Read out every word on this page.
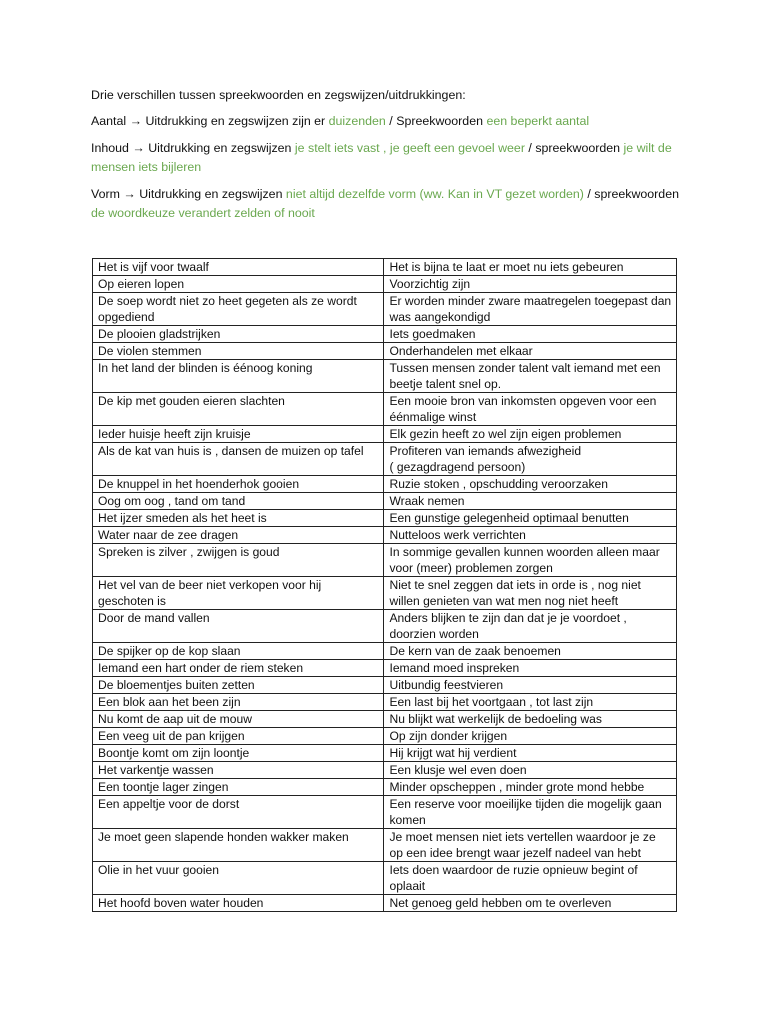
Drie verschillen tussen spreekwoorden en zegswijzen/uitdrukkingen:

Aantal → Uitdrukking en zegswijzen zijn er duizenden / Spreekwoorden een beperkt aantal

Inhoud → Uitdrukking en zegswijzen je stelt iets vast , je geeft een gevoel weer / spreekwoorden je wilt de mensen iets bijleren

Vorm → Uitdrukking en zegswijzen niet altijd dezelfde vorm (ww. Kan in VT gezet worden) / spreekwoorden de woordkeuze verandert zelden of nooit

Het is vijf voor twaalf	Het is bijna te laat er moet nu iets gebeuren
Op eieren lopen	Voorzichtig zijn
De soep wordt niet zo heet gegeten als ze wordt opgediend	Er worden minder zware maatregelen toegepast dan was aangekondigd
De plooien gladstrijken	Iets goedmaken
De violen stemmen	Onderhandelen met elkaar
In het land der blinden is éénoog koning	Tussen mensen zonder talent valt iemand met een beetje talent snel op.
De kip met gouden eieren slachten	Een mooie bron van inkomsten opgeven voor een éénmalige winst
Ieder huisje heeft zijn kruisje	Elk gezin heeft zo wel zijn eigen problemen
Als de kat van huis is , dansen de muizen op tafel	Profiteren van iemands afwezigheid
( gezagdragend persoon)
De knuppel in het hoenderhok gooien	Ruzie stoken , opschudding veroorzaken
Oog om oog , tand om tand	Wraak nemen
Het ijzer smeden als het heet is	Een gunstige gelegenheid optimaal benutten
Water naar de zee dragen	Nutteloos werk verrichten
Spreken is zilver , zwijgen is goud	In sommige gevallen kunnen woorden alleen maar voor (meer) problemen zorgen
Het vel van de beer niet verkopen voor hij geschoten is	Niet te snel zeggen dat iets in orde is , nog niet willen genieten van wat men nog niet heeft
Door de mand vallen	Anders blijken te zijn dan dat je je voordoet , doorzien worden
De spijker op de kop slaan	De kern van de zaak benoemen
Iemand een hart onder de riem steken	Iemand moed inspreken
De bloementjes buiten zetten	Uitbundig feestvieren
Een blok aan het been zijn	Een last bij het voortgaan , tot last zijn
Nu komt de aap uit de mouw	Nu blijkt wat werkelijk de bedoeling was
Een veeg uit de pan krijgen	Op zijn donder krijgen
Boontje komt om zijn loontje	Hij krijgt wat hij verdient
Het varkentje wassen	Een klusje wel even doen
Een toontje lager zingen	Minder opscheppen , minder grote mond hebbe
Een appeltje voor de dorst	Een reserve voor moeilijke tijden die mogelijk gaan komen
Je moet geen slapende honden wakker maken	Je moet mensen niet iets vertellen waardoor je ze op een idee brengt waar jezelf nadeel van hebt
Olie in het vuur gooien	Iets doen waardoor de ruzie opnieuw begint of oplaait
Het hoofd boven water houden	Net genoeg geld hebben om te overleven
